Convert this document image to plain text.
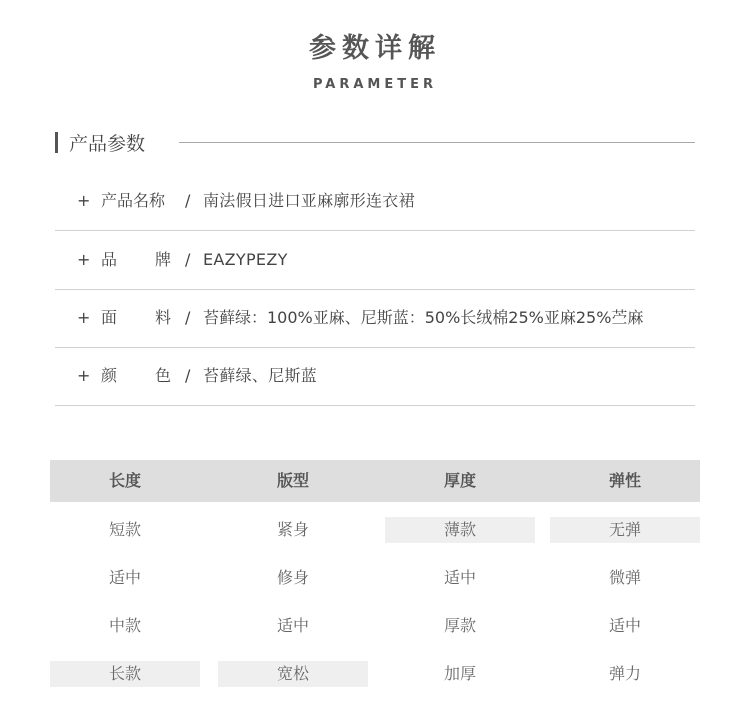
参数详解
PARAMETER
产品参数
+ 产品名称 / 南法假日进口亚麻廓形连衣裙
+ 品 牌 / EAZYPEZY
+ 面 料 / 苔藓绿：100%亚麻、尼斯蓝：50%长绒棉25%亚麻25%苎麻
+ 颜 色 / 苔藓绿、尼斯蓝
长度	版型	厚度	弹性
短款	紧身	薄款	无弹
适中	修身	适中	微弹
中款	适中	厚款	适中
长款	宽松	加厚	弹力
